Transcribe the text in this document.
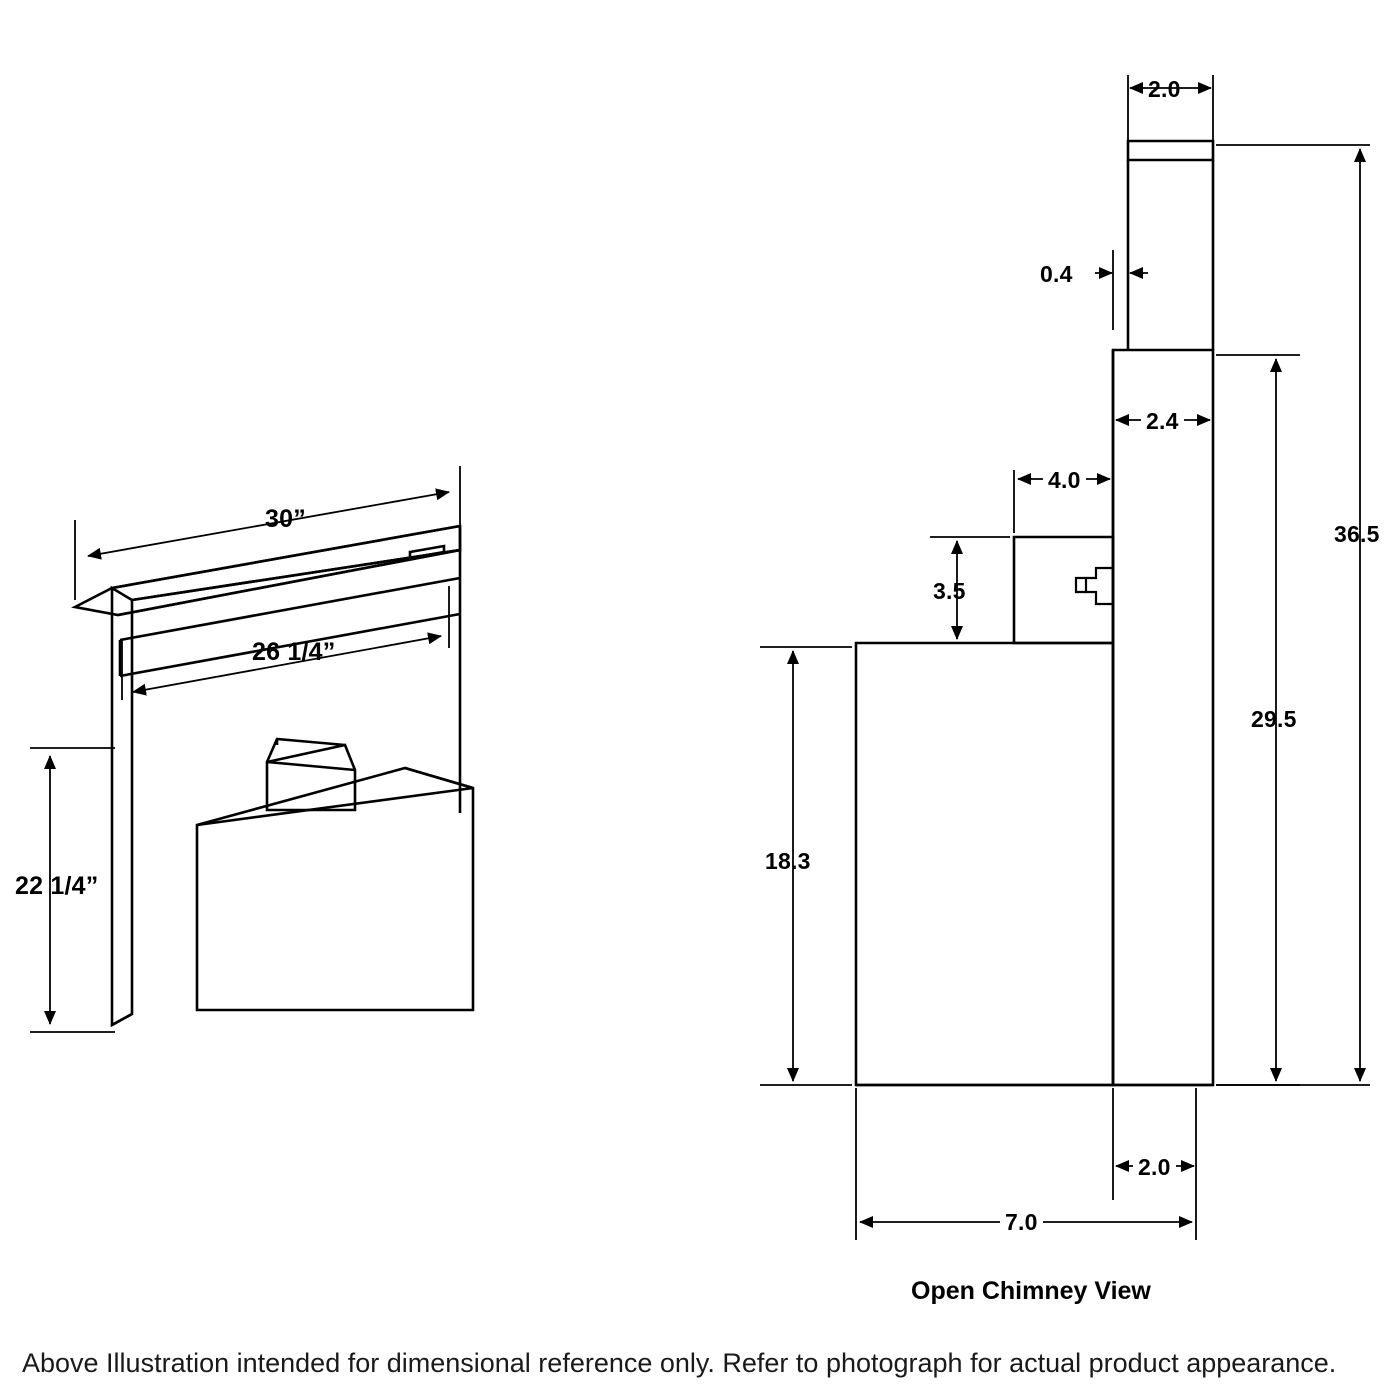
30”
26 1/4”
22 1/4”
2.0
0.4
2.4
4.0
3.5
18.3
29.5
36.5
2.0
7.0
Open Chimney View
Above Illustration intended for dimensional reference only. Refer to photograph for actual product appearance.
